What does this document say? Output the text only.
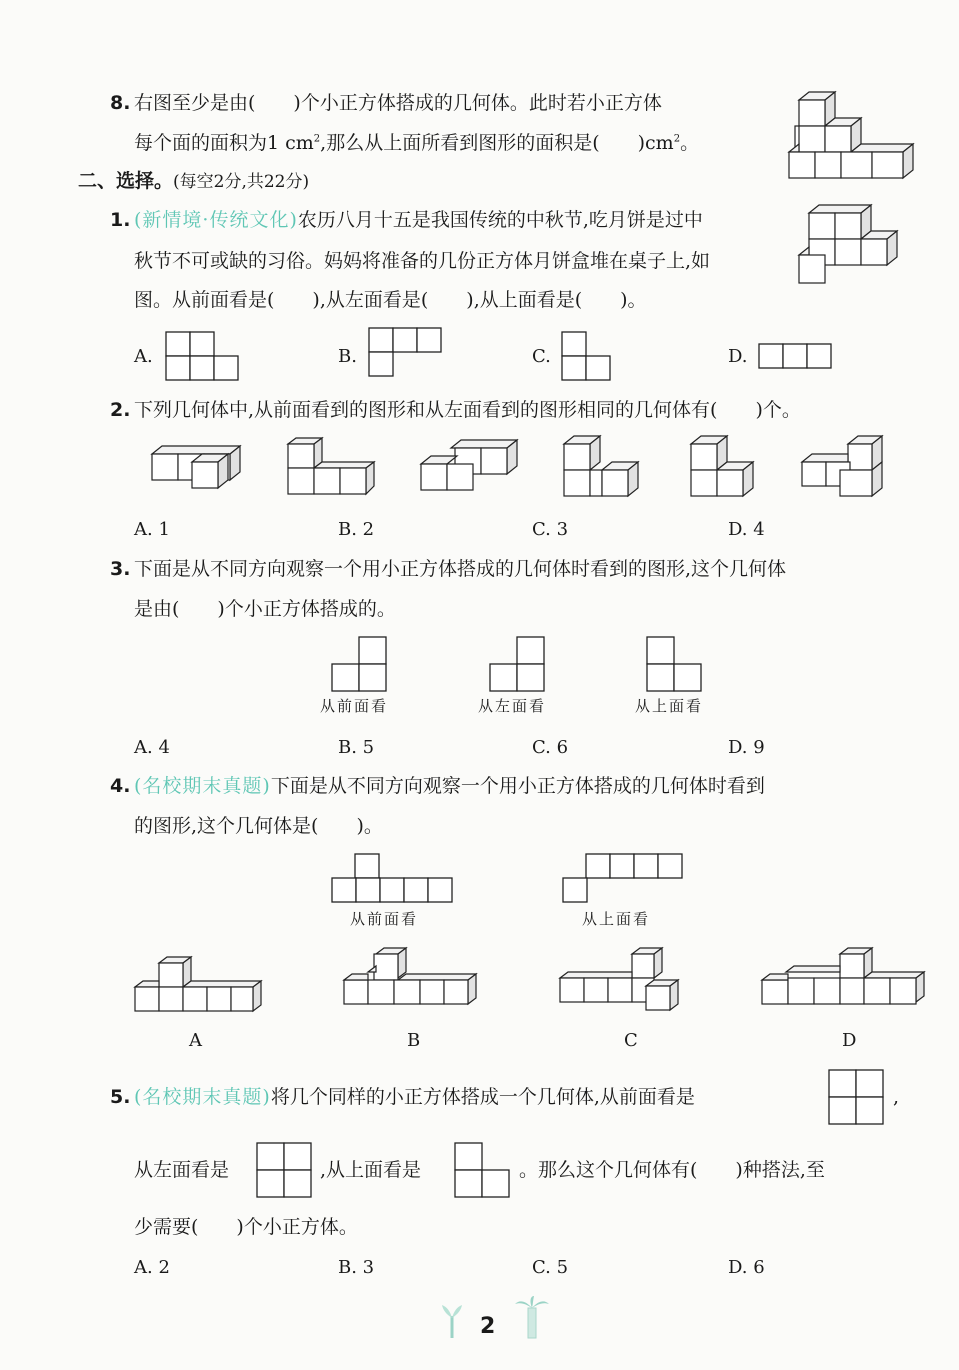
8. 右图至少是由(　　)个小正方体搭成的几何体。此时若小正方体
每个面的面积为1 $cm^2$,那么从上面所看到图形的面积是(　　)$cm^2$。
二、选择。(每空2分,共22分)
1. (新情境·传统文化)农历八月十五是我国传统的中秋节,吃月饼是过中
秋节不可或缺的习俗。妈妈将准备的几份正方体月饼盒堆在桌子上,如
图。从前面看是(　　),从左面看是(　　),从上面看是(　　)。
A.	B.	C.	D.
2. 下列几何体中,从前面看到的图形和从左面看到的图形相同的几何体有(　　)个。
A. 1	B. 2	C. 3	D. 4
3. 下面是从不同方向观察一个用小正方体搭成的几何体时看到的图形,这个几何体
是由(　　)个小正方体搭成的。
从前面看	从左面看	从上面看
A. 4	B. 5	C. 6	D. 9
4. (名校期末真题)下面是从不同方向观察一个用小正方体搭成的几何体时看到
的图形,这个几何体是(　　)。
从前面看	从上面看
A	B	C	D
5. (名校期末真题)将几个同样的小正方体搭成一个几何体,从前面看是	,
从左面看是	,从上面看是	。那么这个几何体有(　　)种搭法,至
少需要(　　)个小正方体。
A. 2	B. 3	C. 5	D. 6
2
